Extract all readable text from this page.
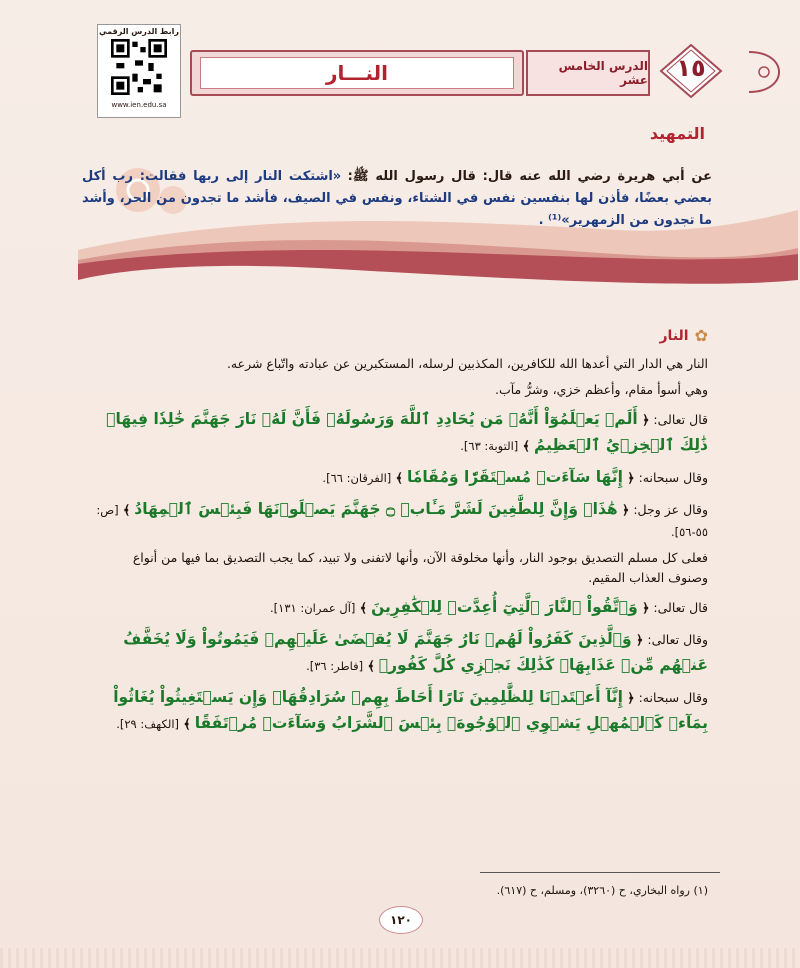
رابط الدرس الرقمي
www.ien.edu.sa
النـــار	الدرس الخامس عشر	١٥
التمهيد
عن أبي هريرة رضي الله عنه قال: قال رسول الله ﷺ: «اشتكت النار إلى ربها فقالت: رب أكل بعضي بعضًا، فأذن لها بنفسين نفس في الشتاء، ونفس في الصيف، فأشد ما تجدون من الحر، وأشد ما تجدون من الزمهرير»⁽¹⁾ .
✿
النار

النار هي الدار التي أعدها الله للكافرين، المكذبين لرسله، المستكبرين عن عبادته واتّباع شرعه.

وهي أسوأ مقام، وأعظم خزي، وشرُّ مآب.

قال تعالى: ﴿ أَلَمۡ يَعۡلَمُوٓاْ أَنَّهُۥ مَن يُحَادِدِ ٱللَّهَ وَرَسُولَهُۥ فَأَنَّ لَهُۥ نَارَ جَهَنَّمَ خَٰلِدٗا فِيهَاۚ ذَٰلِكَ ٱلۡخِزۡيُ ٱلۡعَظِيمُ ﴾ [التوبة: ٦٣].

وقال سبحانه: ﴿ إِنَّهَا سَآءَتۡ مُسۡتَقَرّٗا وَمُقَامٗا ﴾ [الفرقان: ٦٦].

وقال عز وجل: ﴿ هَٰذَاۚ وَإِنَّ لِلطَّٰغِينَ لَشَرَّ مَـَٔابٖ ۝ جَهَنَّمَ يَصۡلَوۡنَهَا فَبِئۡسَ ٱلۡمِهَادُ ﴾ [ص: ٥٥-٥٦].

فعلى كل مسلم التصديق بوجود النار، وأنها مخلوقة الآن، وأنها لاتفنى ولا تبيد، كما يجب التصديق بما فيها من أنواع وصنوف العذاب المقيم.

قال تعالى: ﴿ وَٱتَّقُواْ ٱلنَّارَ ٱلَّتِيٓ أُعِدَّتۡ لِلۡكَٰفِرِينَ ﴾ [آل عمران: ١٣١].

وقال تعالى: ﴿ وَٱلَّذِينَ كَفَرُواْ لَهُمۡ نَارُ جَهَنَّمَ لَا يُقۡضَىٰ عَلَيۡهِمۡ فَيَمُوتُواْ وَلَا يُخَفَّفُ عَنۡهُم مِّنۡ عَذَابِهَاۚ كَذَٰلِكَ نَجۡزِي كُلَّ كَفُورٖ ﴾ [فاطر: ٣٦].

وقال سبحانه: ﴿ إِنَّآ أَعۡتَدۡنَا لِلظَّٰلِمِينَ نَارًا أَحَاطَ بِهِمۡ سُرَادِقُهَاۚ وَإِن يَسۡتَغِيثُواْ يُغَاثُواْ بِمَآءٖ كَٱلۡمُهۡلِ يَشۡوِي ٱلۡوُجُوهَۚ بِئۡسَ ٱلشَّرَابُ وَسَآءَتۡ مُرۡتَفَقًا ﴾ [الكهف: ٢٩].

(١) رواه البخاري، ح (٣٢٦٠)، ومسلم، ح (٦١٧).
١٢٠
